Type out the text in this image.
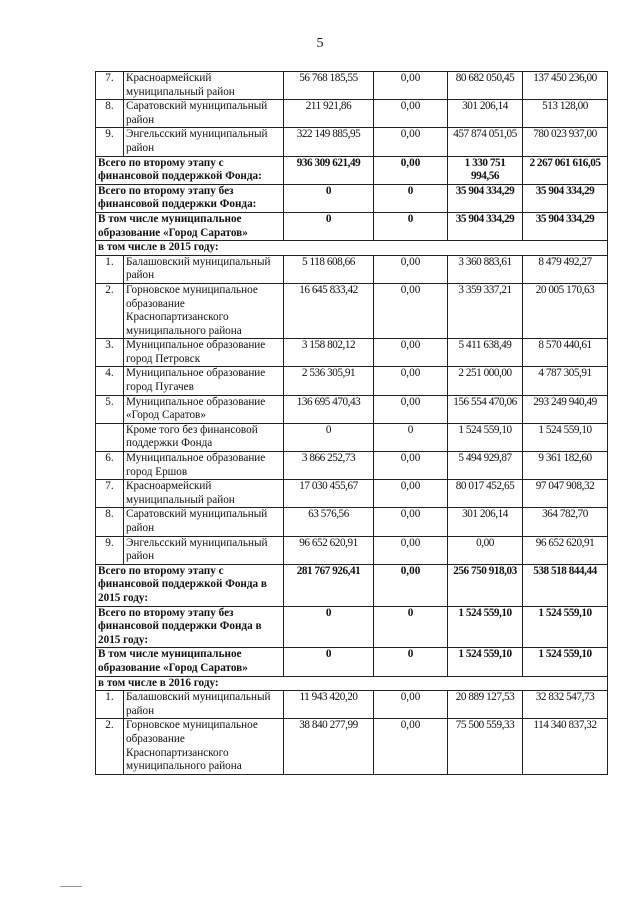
5
7.	Красноармейский муниципальный район	56 768 185,55	0,00	80 682 050,45	137 450 236,00
8.	Саратовский муниципальный район	211 921,86	0,00	301 206,14	513 128,00
9.	Энгельсский муниципальный район	322 149 885,95	0,00	457 874 051,05	780 023 937,00
Всего по второму этапу с финансовой поддержкой Фонда:		936 309 621,49	0,00	1 330 751 994,56	2 267 061 616,05
Всего по второму этапу без финансовой поддержки Фонда:		0	0	35 904 334,29	35 904 334,29
В том числе муниципальное образование «Город Саратов»		0	0	35 904 334,29	35 904 334,29
в том числе в 2015 году:					
1.	Балашовский муниципальный район	5 118 608,66	0,00	3 360 883,61	8 479 492,27
2.	Горновское муниципальное образование Краснопартизанского муниципального района	16 645 833,42	0,00	3 359 337,21	20 005 170,63
3.	Муниципальное образование город Петровск	3 158 802,12	0,00	5 411 638,49	8 570 440,61
4.	Муниципальное образование город Пугачев	2 536 305,91	0,00	2 251 000,00	4 787 305,91
5.	Муниципальное образование «Город Саратов»	136 695 470,43	0,00	156 554 470,06	293 249 940,49
	Кроме того без финансовой поддержки Фонда	0	0	1 524 559,10	1 524 559,10
6.	Муниципальное образование город Ершов	3 866 252,73	0,00	5 494 929,87	9 361 182,60
7.	Красноармейский муниципальный район	17 030 455,67	0,00	80 017 452,65	97 047 908,32
8.	Саратовский муниципальный район	63 576,56	0,00	301 206,14	364 782,70
9.	Энгельсский муниципальный район	96 652 620,91	0,00	0,00	96 652 620,91
Всего по второму этапу с финансовой поддержкой Фонда в 2015 году:		281 767 926,41	0,00	256 750 918,03	538 518 844,44
Всего по второму этапу без финансовой поддержки Фонда в 2015 году:		0	0	1 524 559,10	1 524 559,10
В том числе муниципальное образование «Город Саратов»		0	0	1 524 559,10	1 524 559,10
в том числе в 2016 году:					
1.	Балашовский муниципальный район	11 943 420,20	0,00	20 889 127,53	32 832 547,73
2.	Горновское муниципальное образование Краснопартизанского муниципального района	38 840 277,99	0,00	75 500 559,33	114 340 837,32
